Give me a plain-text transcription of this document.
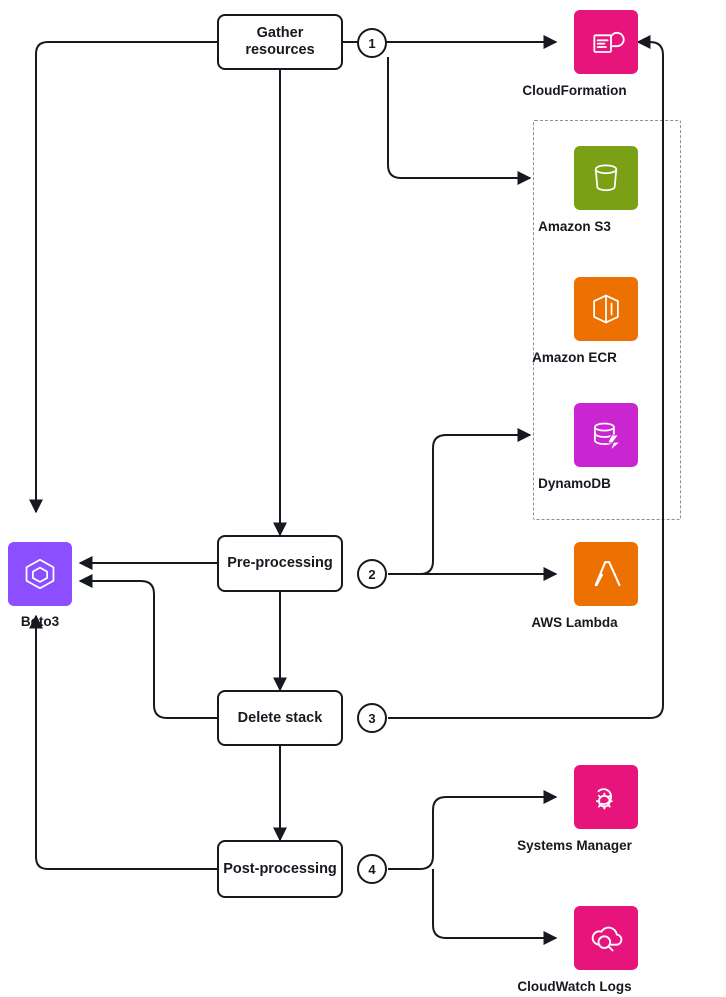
Gather resources
Pre-processing
Delete stack
Post-processing
1
2
3
4
Boto3
CloudFormation
Amazon S3
Amazon ECR
DynamoDB
AWS Lambda
Systems Manager
CloudWatch Logs
